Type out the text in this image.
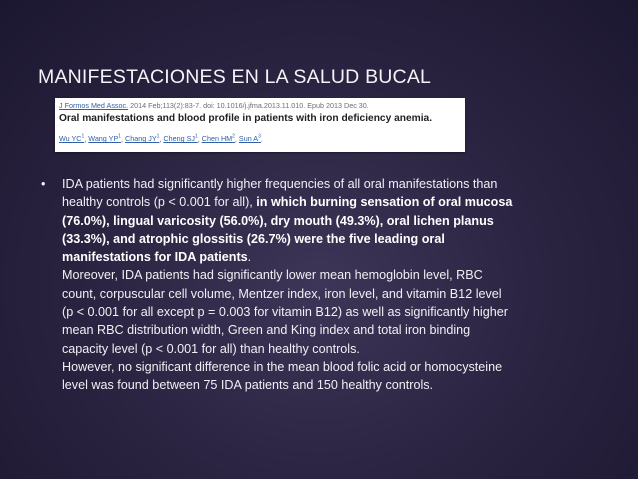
MANIFESTACIONES EN LA SALUD BUCAL
J Formos Med Assoc. 2014 Feb;113(2):83-7. doi: 10.1016/j.jfma.2013.11.010. Epub 2013 Dec 30.
Oral manifestations and blood profile in patients with iron deficiency anemia.
Wu $YC^1$, Wang $YP^1$, Chang $JY^1$, Cheng $SJ^1$, Chen $HM^2$, Sun $A^3$.
• IDA patients had significantly higher frequencies of all oral manifestations than
healthy controls (p < 0.001 for all), in which burning sensation of oral mucosa
(76.0%), lingual varicosity (56.0%), dry mouth (49.3%), oral lichen planus
(33.3%), and atrophic glossitis (26.7%) were the five leading oral
manifestations for IDA patients.
Moreover, IDA patients had significantly lower mean hemoglobin level, RBC
count, corpuscular cell volume, Mentzer index, iron level, and vitamin B12 level
(p < 0.001 for all except p = 0.003 for vitamin B12) as well as significantly higher
mean RBC distribution width, Green and King index and total iron binding
capacity level (p < 0.001 for all) than healthy controls.
However, no significant difference in the mean blood folic acid or homocysteine
level was found between 75 IDA patients and 150 healthy controls.
